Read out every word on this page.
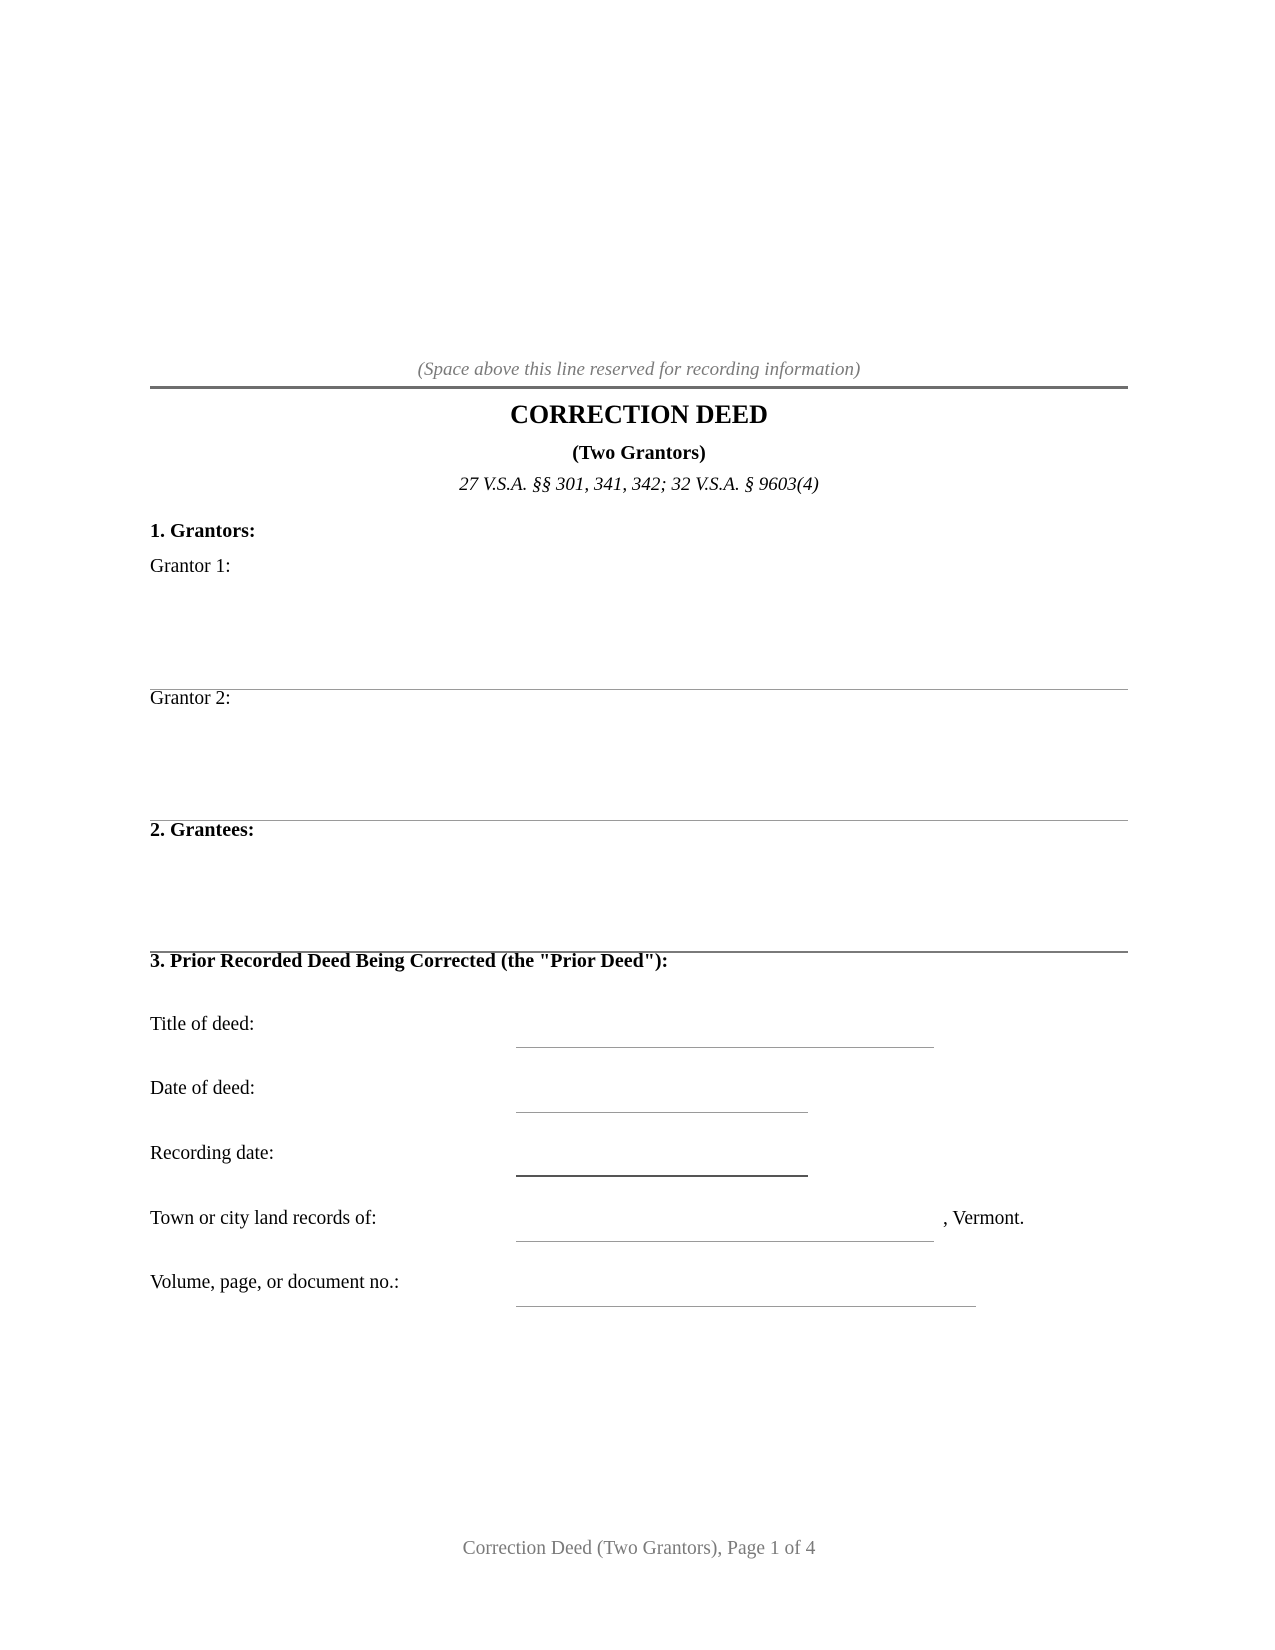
(Space above this line reserved for recording information)
CORRECTION DEED
(Two Grantors)
27 V.S.A. §§ 301, 341, 342; 32 V.S.A. § 9603(4)
1. Grantors:
Grantor 1:
Grantor 2:
2. Grantees:
3. Prior Recorded Deed Being Corrected (the "Prior Deed"):
Title of deed:
Date of deed:
Recording date:
Town or city land records of:	, Vermont.
Volume, page, or document no.:
Correction Deed (Two Grantors), Page 1 of 4
